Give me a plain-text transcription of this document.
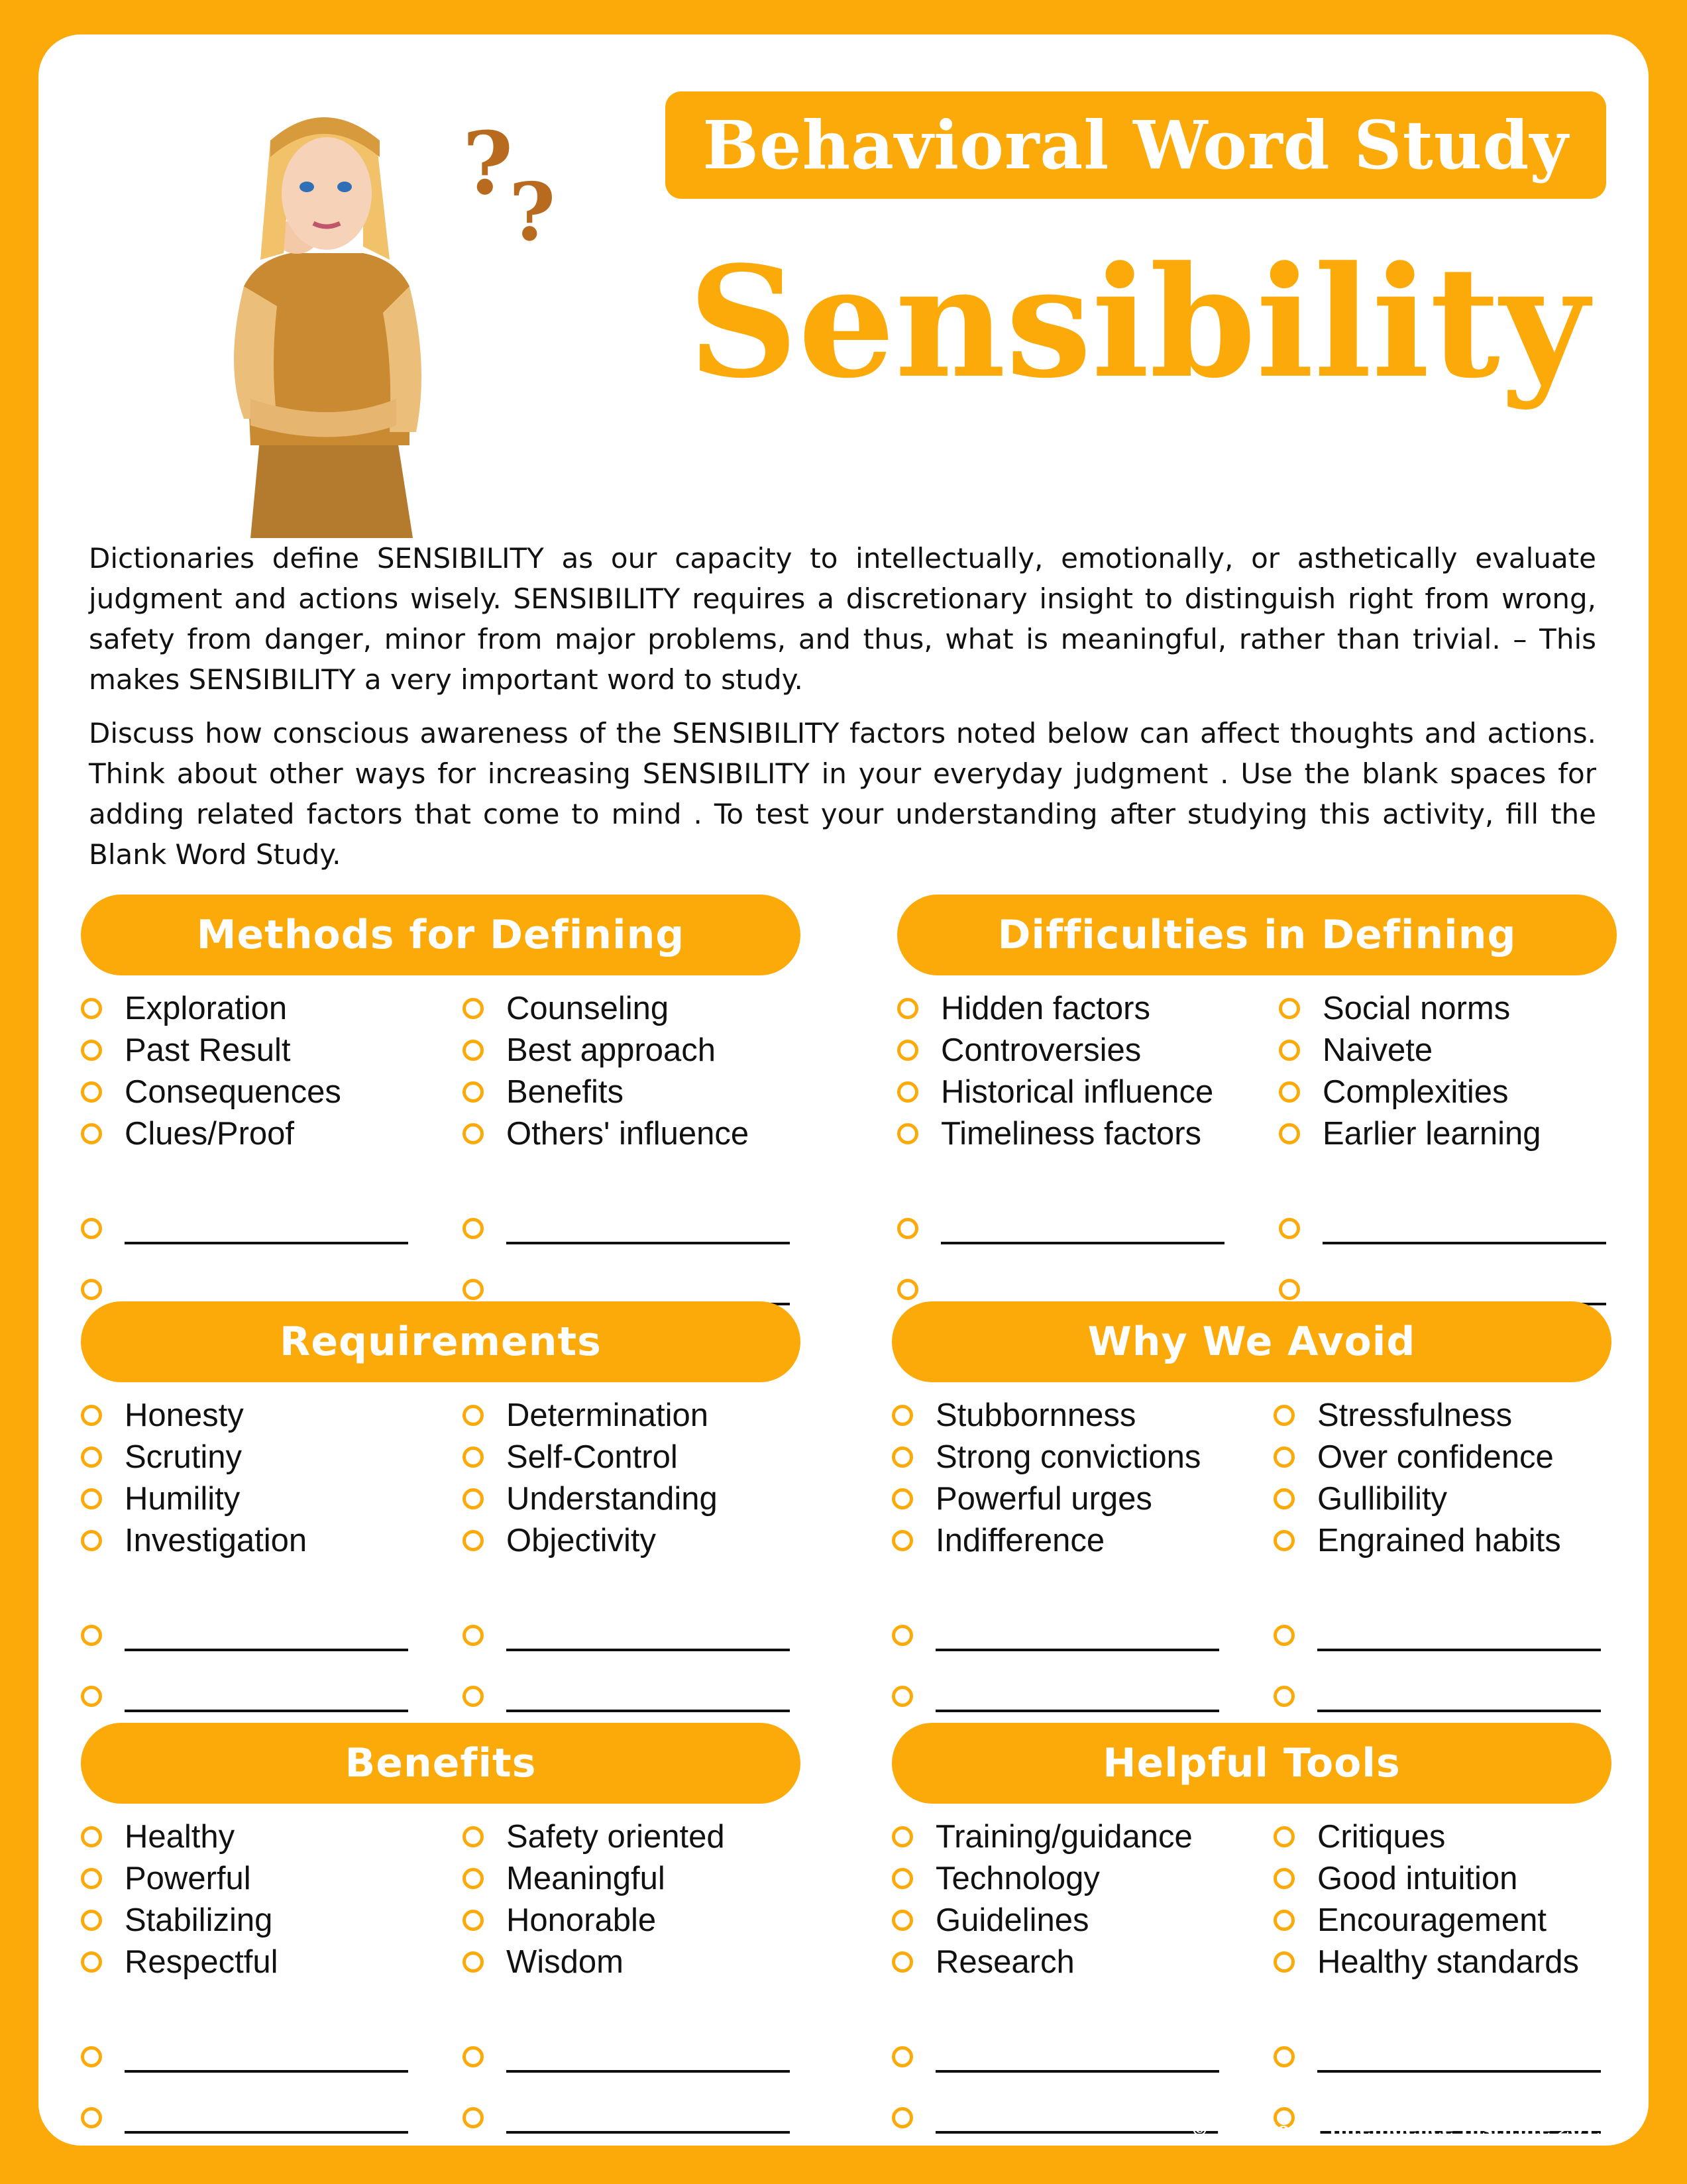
?
?
Behavioral Word Study
Sensibility

Dictionaries define SENSIBILITY as our capacity to intellectually, emotionally, or asthetically evaluate judgment and actions wisely. SENSIBILITY requires a discretionary insight to distinguish right from wrong, safety from danger, minor from major problems, and thus, what is meaningful, rather than trivial. – This makes SENSIBILITY a very important word to study.

Discuss how conscious awareness of the SENSIBILITY factors noted below can affect thoughts and actions. Think about other ways for increasing SENSIBILITY in your everyday judgment . Use the blank spaces for adding related factors that come to mind . To test your understanding after studying this activity, fill the Blank Word Study.

Methods for Defining
Exploration
Past Result
Consequences
Clues/Proof
Counseling
Best approach
Benefits
Others' influence
Difficulties in Defining
Hidden factors
Controversies
Historical influence
Timeliness factors
Social norms
Naivete
Complexities
Earlier learning
Requirements
Honesty
Scrutiny
Humility
Investigation
Determination
Self-Control
Understanding
Objectivity
Why We Avoid
Stubbornness
Strong convictions
Powerful urges
Indifference
Stressfulness
Over confidence
Gullibility
Engrained habits
Benefits
Healthy
Powerful
Stabilizing
Respectful
Safety oriented
Meaningful
Honorable
Wisdom
Helpful Tools
Training/guidance
Technology
Guidelines
Research
Critiques
Good intuition
Encouragement
Healthy standards
© Emotional Intelligence Institute 2019
